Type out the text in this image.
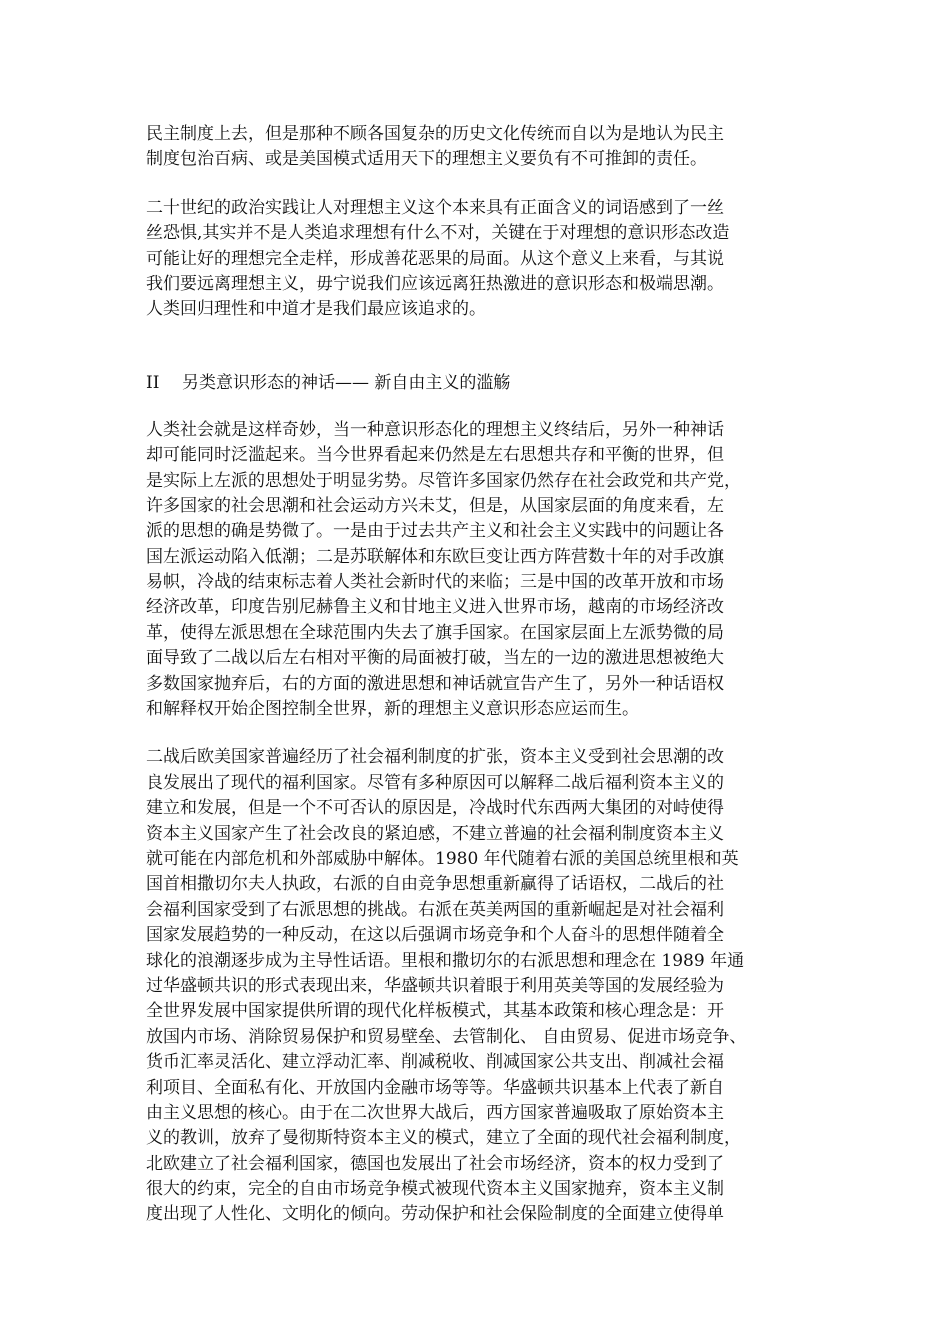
民主制度上去，但是那种不顾各国复杂的历史文化传统而自以为是地认为民主
制度包治百病、或是美国模式适用天下的理想主义要负有不可推卸的责任。
二十世纪的政治实践让人对理想主义这个本来具有正面含义的词语感到了一丝
丝恐惧,其实并不是人类追求理想有什么不对，关键在于对理想的意识形态改造
可能让好的理想完全走样，形成善花恶果的局面。从这个意义上来看，与其说
我们要远离理想主义，毋宁说我们应该远离狂热激进的意识形态和极端思潮。
人类回归理性和中道才是我们最应该追求的。
II 另类意识形态的神话—— 新自由主义的滥觞
人类社会就是这样奇妙，当一种意识形态化的理想主义终结后，另外一种神话
却可能同时泛滥起来。当今世界看起来仍然是左右思想共存和平衡的世界，但
是实际上左派的思想处于明显劣势。尽管许多国家仍然存在社会政党和共产党，
许多国家的社会思潮和社会运动方兴未艾，但是，从国家层面的角度来看，左
派的思想的确是势微了。一是由于过去共产主义和社会主义实践中的问题让各
国左派运动陷入低潮；二是苏联解体和东欧巨变让西方阵营数十年的对手改旗
易帜，冷战的结束标志着人类社会新时代的来临；三是中国的改革开放和市场
经济改革，印度告别尼赫鲁主义和甘地主义进入世界市场，越南的市场经济改
革，使得左派思想在全球范围内失去了旗手国家。在国家层面上左派势微的局
面导致了二战以后左右相对平衡的局面被打破，当左的一边的激进思想被绝大
多数国家抛弃后，右的方面的激进思想和神话就宣告产生了，另外一种话语权
和解释权开始企图控制全世界，新的理想主义意识形态应运而生。
二战后欧美国家普遍经历了社会福利制度的扩张，资本主义受到社会思潮的改
良发展出了现代的福利国家。尽管有多种原因可以解释二战后福利资本主义的
建立和发展，但是一个不可否认的原因是，冷战时代东西两大集团的对峙使得
资本主义国家产生了社会改良的紧迫感，不建立普遍的社会福利制度资本主义
就可能在内部危机和外部威胁中解体。1980 年代随着右派的美国总统里根和英
国首相撒切尔夫人执政，右派的自由竞争思想重新赢得了话语权，二战后的社
会福利国家受到了右派思想的挑战。右派在英美两国的重新崛起是对社会福利
国家发展趋势的一种反动，在这以后强调市场竞争和个人奋斗的思想伴随着全
球化的浪潮逐步成为主导性话语。里根和撒切尔的右派思想和理念在 1989 年通
过华盛顿共识的形式表现出来，华盛顿共识着眼于利用英美等国的发展经验为
全世界发展中国家提供所谓的现代化样板模式，其基本政策和核心理念是：开
放国内市场、消除贸易保护和贸易壁垒、去管制化、 自由贸易、促进市场竞争、
货币汇率灵活化、建立浮动汇率、削减税收、削减国家公共支出、削减社会福
利项目、全面私有化、开放国内金融市场等等。华盛顿共识基本上代表了新自
由主义思想的核心。由于在二次世界大战后，西方国家普遍吸取了原始资本主
义的教训，放弃了曼彻斯特资本主义的模式，建立了全面的现代社会福利制度，
北欧建立了社会福利国家，德国也发展出了社会市场经济，资本的权力受到了
很大的约束，完全的自由市场竞争模式被现代资本主义国家抛弃，资本主义制
度出现了人性化、文明化的倾向。劳动保护和社会保险制度的全面建立使得单
